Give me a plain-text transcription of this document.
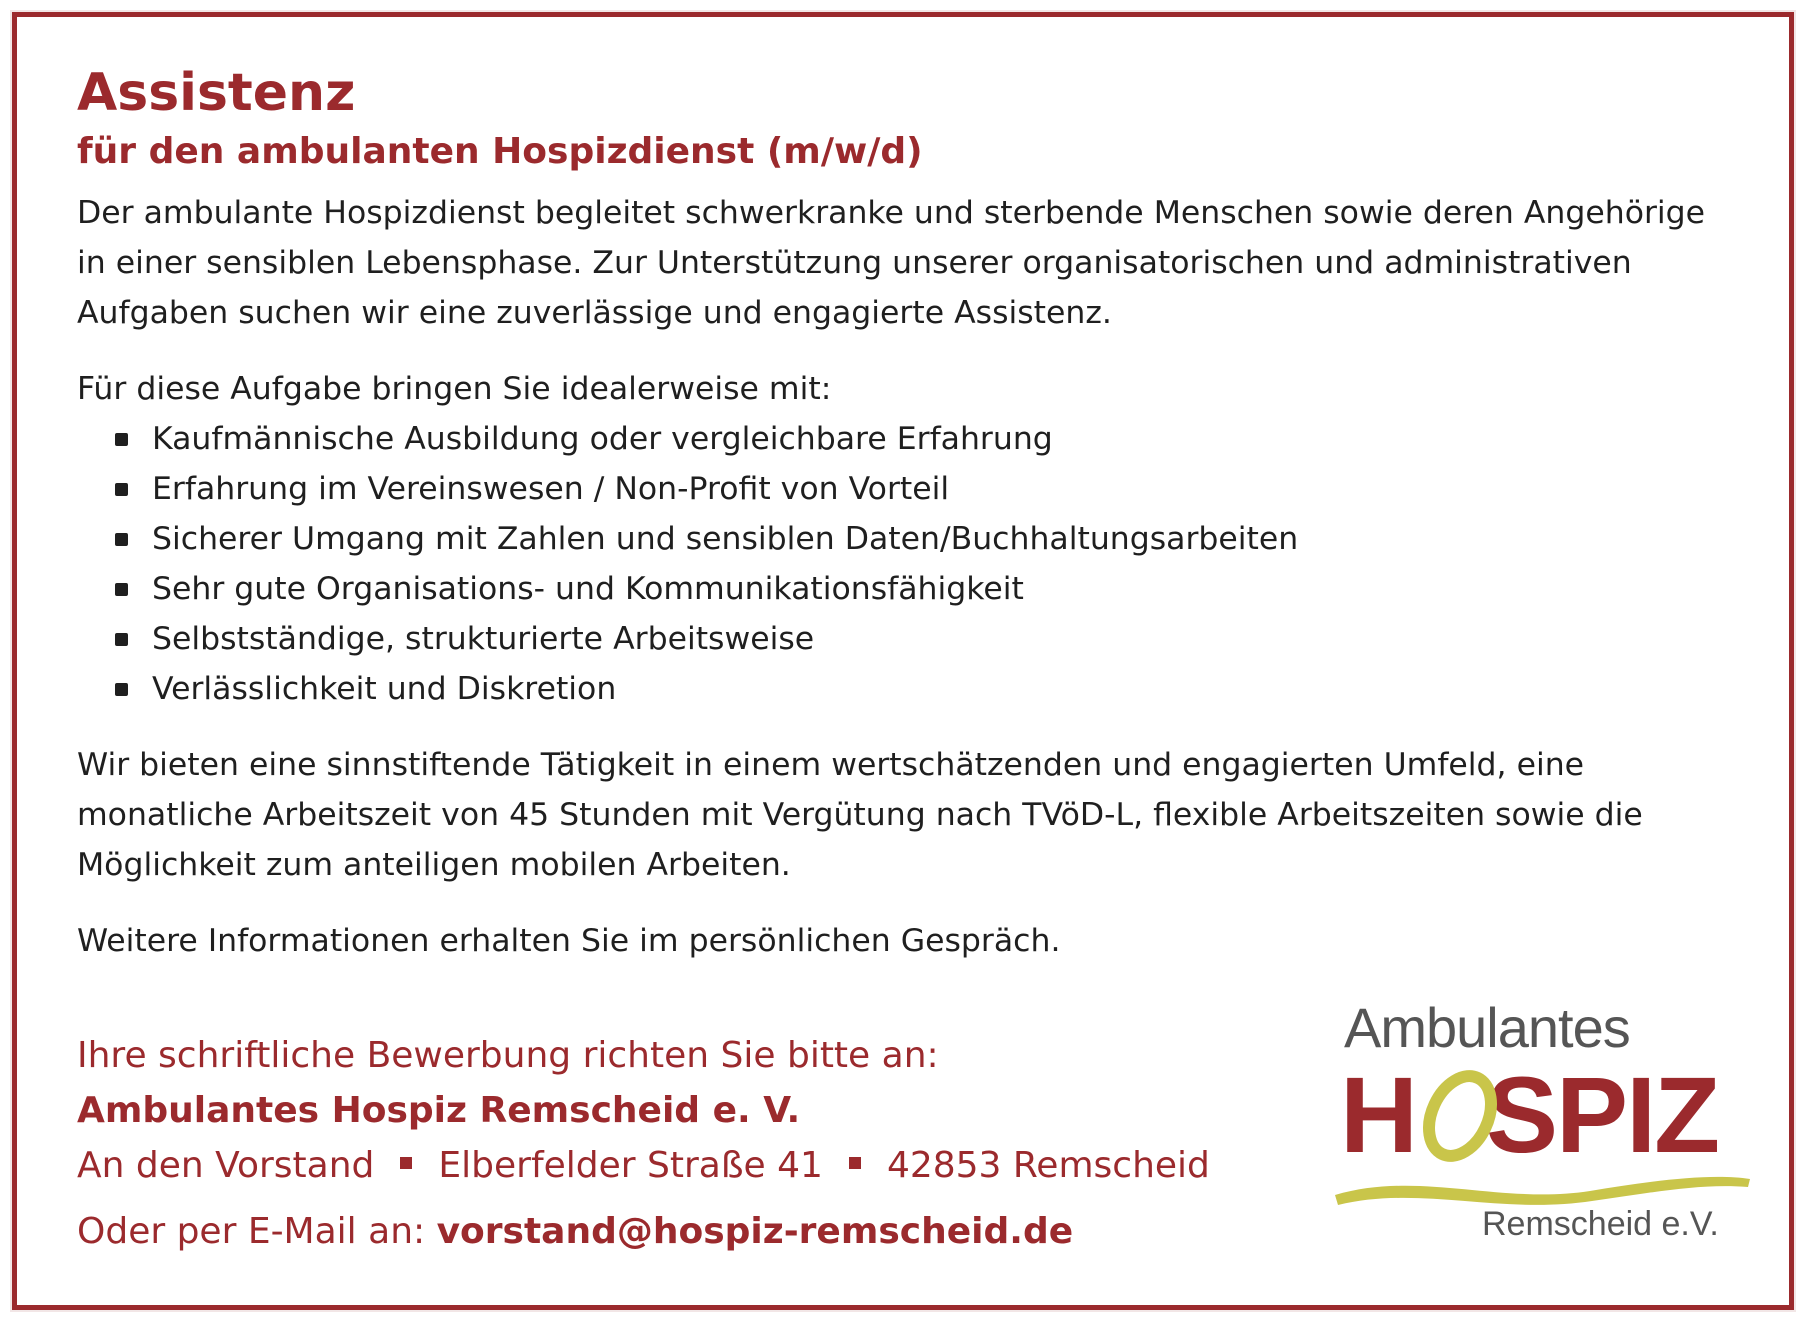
Assistenz
für den ambulanten Hospizdienst (m/w/d)

Der ambulante Hospizdienst begleitet schwerkranke und sterbende Menschen sowie deren Angehörige in einer sensiblen Lebensphase. Zur Unterstützung unserer organisatorischen und administrativen Aufgaben suchen wir eine zuverlässige und engagierte Assistenz.

Für diese Aufgabe bringen Sie idealerweise mit:

Kaufmännische Ausbildung oder vergleichbare Erfahrung
Erfahrung im Vereinswesen / Non-Profit von Vorteil
Sicherer Umgang mit Zahlen und sensiblen Daten/Buchhaltungsarbeiten
Sehr gute Organisations- und Kommunikationsfähigkeit
Selbstständige, strukturierte Arbeitsweise
Verlässlichkeit und Diskretion

Wir bieten eine sinnstiftende Tätigkeit in einem wertschätzenden und engagierten Umfeld, eine monatliche Arbeitszeit von 45 Stunden mit Vergütung nach TVöD-L, flexible Arbeitszeiten sowie die Möglichkeit zum anteiligen mobilen Arbeiten.

Weitere Informationen erhalten Sie im persönlichen Gespräch.

Ihre schriftliche Bewerbung richten Sie bitte an:
Ambulantes Hospiz Remscheid e. V.
An den Vorstand Elberfelder Straße 41 42853 Remscheid
Oder per E-Mail an: vorstand@hospiz-remscheid.de
Ambulantes
H SPIZ
Remscheid e.V.
